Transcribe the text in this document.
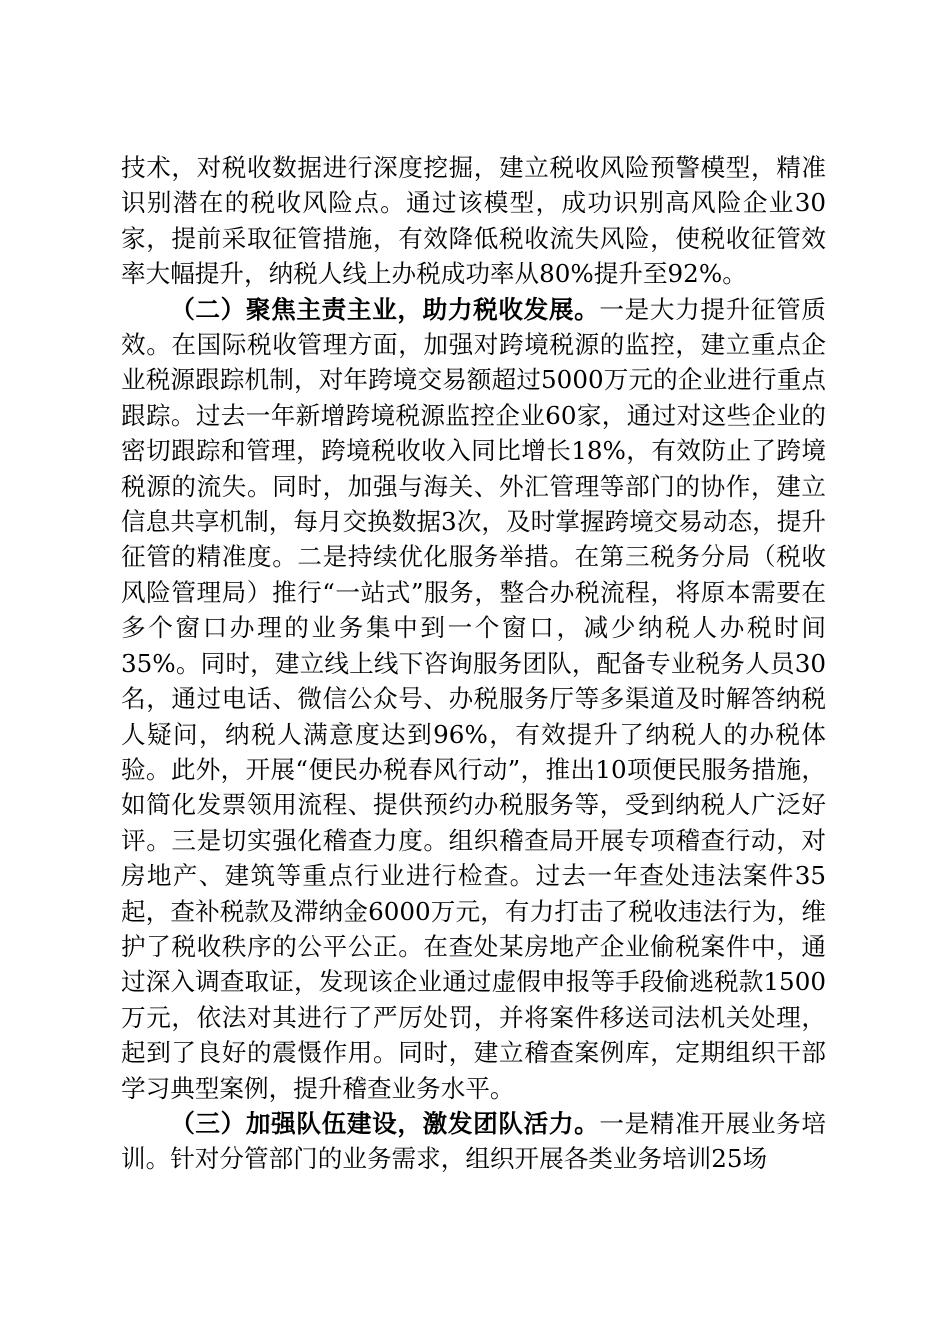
技术，对税收数据进行深度挖掘，建立税收风险预警模型，精准识别潜在的税收风险点。通过该模型，成功识别高风险企业30家，提前采取征管措施，有效降低税收流失风险，使税收征管效率大幅提升，纳税人线上办税成功率从80%提升至92%。

（二）聚焦主责主业，助力税收发展。一是大力提升征管质效。在国际税收管理方面，加强对跨境税源的监控，建立重点企业税源跟踪机制，对年跨境交易额超过5000万元的企业进行重点跟踪。过去一年新增跨境税源监控企业60家，通过对这些企业的密切跟踪和管理，跨境税收收入同比增长18%，有效防止了跨境税源的流失。同时，加强与海关、外汇管理等部门的协作，建立信息共享机制，每月交换数据3次，及时掌握跨境交易动态，提升征管的精准度。二是持续优化服务举措。在第三税务分局（税收风险管理局）推行“一站式”服务，整合办税流程，将原本需要在多个窗口办理的业务集中到一个窗口，减少纳税人办税时间35%。同时，建立线上线下咨询服务团队，配备专业税务人员30名，通过电话、微信公众号、办税服务厅等多渠道及时解答纳税人疑问，纳税人满意度达到96%，有效提升了纳税人的办税体验。此外，开展“便民办税春风行动”，推出10项便民服务措施，如简化发票领用流程、提供预约办税服务等，受到纳税人广泛好评。三是切实强化稽查力度。组织稽查局开展专项稽查行动，对房地产、建筑等重点行业进行检查。过去一年查处违法案件35起，查补税款及滞纳金6000万元，有力打击了税收违法行为，维护了税收秩序的公平公正。在查处某房地产企业偷税案件中，通过深入调查取证，发现该企业通过虚假申报等手段偷逃税款1500万元，依法对其进行了严厉处罚，并将案件移送司法机关处理，起到了良好的震慑作用。同时，建立稽查案例库，定期组织干部学习典型案例，提升稽查业务水平。

（三）加强队伍建设，激发团队活力。一是精准开展业务培训。针对分管部门的业务需求，组织开展各类业务培训25场
